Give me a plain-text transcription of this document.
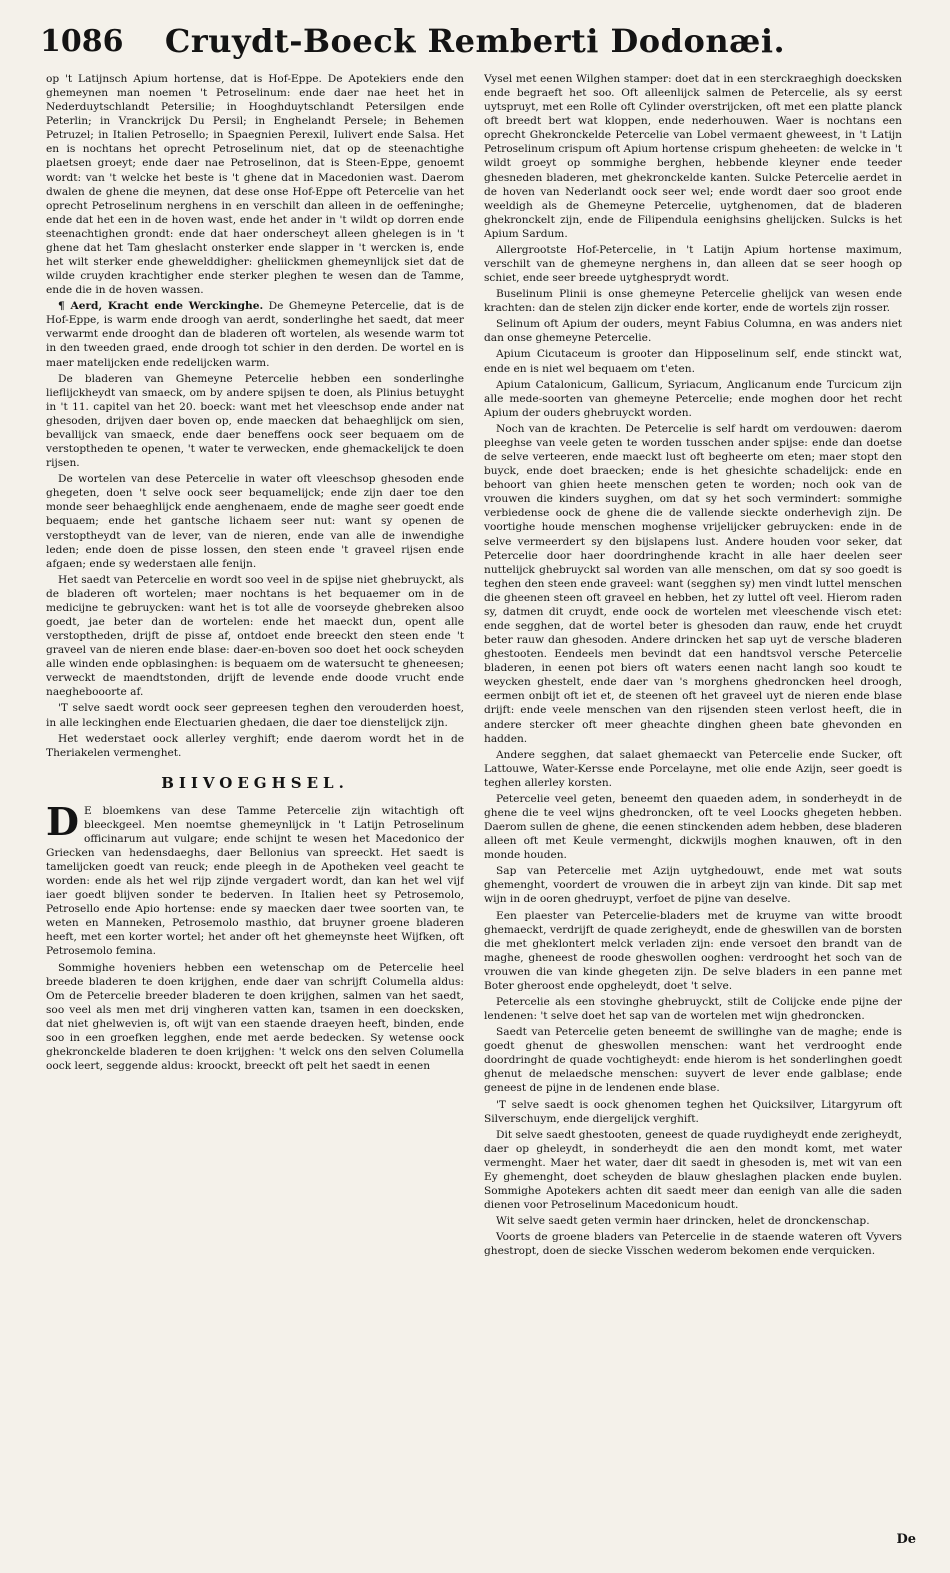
1086	Cruydt-Boeck Remberti Dodonæi.

op 't Latijnsch Apium hortense, dat is Hof-Eppe. De Apotekiers ende den ghemeynen man noemen 't Petroselinum: ende daer nae heet het in Nederduytschlandt Petersilie; in Hooghduytschlandt Petersilgen ende Peterlin; in Vranckrijck Du Persil; in Enghelandt Persele; in Behemen Petruzel; in Italien Petrosello; in Spaegnien Perexil, Iulivert ende Salsa. Het en is nochtans het oprecht Petroselinum niet, dat op de steenachtighe plaetsen groeyt; ende daer nae Petroselinon, dat is Steen-Eppe, genoemt wordt: van 't welcke het beste is 't ghene dat in Macedonien wast. Daerom dwalen de ghene die meynen, dat dese onse Hof-Eppe oft Petercelie van het oprecht Petroselinum nerghens in en verschilt dan alleen in de oeffeninghe; ende dat het een in de hoven wast, ende het ander in 't wildt op dorren ende steenachtighen grondt: ende dat haer onderscheyt alleen ghelegen is in 't ghene dat het Tam gheslacht onsterker ende slapper in 't wercken is, ende het wilt sterker ende ghewelddigher: gheliickmen ghemeynlijck siet dat de wilde cruyden krachtigher ende sterker pleghen te wesen dan de Tamme, ende die in de hoven wassen.

¶ Aerd, Kracht ende Werckinghe. De Ghemeyne Petercelie, dat is de Hof-Eppe, is warm ende droogh van aerdt, sonderlinghe het saedt, dat meer verwarmt ende drooght dan de bladeren oft wortelen, als wesende warm tot in den tweeden graed, ende droogh tot schier in den derden. De wortel en is maer matelijcken ende redelijcken warm.

De bladeren van Ghemeyne Petercelie hebben een sonderlinghe lieflijckheydt van smaeck, om by andere spijsen te doen, als Plinius betuyght in 't 11. capitel van het 20. boeck: want met het vleeschsop ende ander nat ghesoden, drijven daer boven op, ende maecken dat behaeghlijck om sien, bevallijck van smaeck, ende daer beneffens oock seer bequaem om de verstoptheden te openen, 't water te verwecken, ende ghemackelijck te doen rijsen.

De wortelen van dese Petercelie in water oft vleeschsop ghesoden ende ghegeten, doen 't selve oock seer bequamelijck; ende zijn daer toe den monde seer behaeghlijck ende aenghenaem, ende de maghe seer goedt ende bequaem; ende het gantsche lichaem seer nut: want sy openen de verstoptheydt van de lever, van de nieren, ende van alle de inwendighe leden; ende doen de pisse lossen, den steen ende 't graveel rijsen ende afgaen; ende sy wederstaen alle fenijn.

Het saedt van Petercelie en wordt soo veel in de spijse niet ghebruyckt, als de bladeren oft wortelen; maer nochtans is het bequaemer om in de medicijne te gebruycken: want het is tot alle de voorseyde ghebreken alsoo goedt, jae beter dan de wortelen: ende het maeckt dun, opent alle verstoptheden, drijft de pisse af, ontdoet ende breeckt den steen ende 't graveel van de nieren ende blase: daer-en-boven soo doet het oock scheyden alle winden ende opblasinghen: is bequaem om de watersucht te gheneesen; verweckt de maendtstonden, drijft de levende ende doode vrucht ende naeghebooorte af.

'T selve saedt wordt oock seer gepreesen teghen den verouderden hoest, in alle leckinghen ende Electuarien ghedaen, die daer toe dienstelijck zijn.

Het wederstaet oock allerley verghift; ende daerom wordt het in de Theriakelen vermenghet.

BIIVOEGHSEL.

D E bloemkens van dese Tamme Petercelie zijn witachtigh oft bleeckgeel. Men noemtse ghemeynlijck in 't Latijn Petroselinum officinarum aut vulgare; ende schijnt te wesen het Macedonico der Griecken van hedensdaeghs, daer Bellonius van spreeckt. Het saedt is tamelijcken goedt van reuck; ende pleegh in de Apotheken veel geacht te worden: ende als het wel rijp zijnde vergadert wordt, dan kan het wel vijf iaer goedt blijven sonder te bederven. In Italien heet sy Petrosemolo, Petrosello ende Apio hortense: ende sy maecken daer twee soorten van, te weten en Manneken, Petrosemolo masthio, dat bruyner groene bladeren heeft, met een korter wortel; het ander oft het ghemeynste heet Wijfken, oft Petrosemolo femina.

Sommighe hoveniers hebben een wetenschap om de Petercelie heel breede bladeren te doen krijghen, ende daer van schrijft Columella aldus: Om de Petercelie breeder bladeren te doen krijghen, salmen van het saedt, soo veel als men met drij vingheren vatten kan, tsamen in een doecksken, dat niet ghelwevien is, oft wijt van een staende draeyen heeft, binden, ende soo in een groefken legghen, ende met aerde bedecken. Sy wetense oock ghekronckelde bladeren te doen krijghen: 't welck ons den selven Columella oock leert, seggende aldus: kroockt, breeckt oft pelt het saedt in eenen

Vysel met eenen Wilghen stamper: doet dat in een sterckraeghigh doecksken ende begraeft het soo. Oft alleenlijck salmen de Petercelie, als sy eerst uytspruyt, met een Rolle oft Cylinder overstrijcken, oft met een platte planck oft breedt bert wat kloppen, ende nederhouwen. Waer is nochtans een oprecht Ghekronckelde Petercelie van Lobel vermaent gheweest, in 't Latijn Petroselinum crispum oft Apium hortense crispum gheheeten: de welcke in 't wildt groeyt op sommighe berghen, hebbende kleyner ende teeder ghesneden bladeren, met ghekronckelde kanten. Sulcke Petercelie aerdet in de hoven van Nederlandt oock seer wel; ende wordt daer soo groot ende weeldigh als de Ghemeyne Petercelie, uytghenomen, dat de bladeren ghekronckelt zijn, ende de Filipendula eenighsins ghelijcken. Sulcks is het Apium Sardum.

Allergrootste Hof-Petercelie, in 't Latijn Apium hortense maximum, verschilt van de ghemeyne nerghens in, dan alleen dat se seer hoogh op schiet, ende seer breede uytghesprydt wordt.

Buselinum Plinii is onse ghemeyne Petercelie ghelijck van wesen ende krachten: dan de stelen zijn dicker ende korter, ende de wortels zijn rosser.

Selinum oft Apium der ouders, meynt Fabius Columna, en was anders niet dan onse ghemeyne Petercelie.

Apium Cicutaceum is grooter dan Hipposelinum self, ende stinckt wat, ende en is niet wel bequaem om t'eten.

Apium Catalonicum, Gallicum, Syriacum, Anglicanum ende Turcicum zijn alle mede-soorten van ghemeyne Petercelie; ende moghen door het recht Apium der ouders ghebruyckt worden.

Noch van de krachten. De Petercelie is self hardt om verdouwen: daerom pleeghse van veele geten te worden tusschen ander spijse: ende dan doetse de selve verteeren, ende maeckt lust oft begheerte om eten; maer stopt den buyck, ende doet braecken; ende is het ghesichte schadelijck: ende en behoort van ghien heete menschen geten te worden; noch ook van de vrouwen die kinders suyghen, om dat sy het soch vermindert: sommighe verbiedense oock de ghene die de vallende sieckte onderhevigh zijn. De voortighe houde menschen moghense vrijelijcker gebruycken: ende in de selve vermeerdert sy den bijslapens lust. Andere houden voor seker, dat Petercelie door haer doordringhende kracht in alle haer deelen seer nuttelijck ghebruyckt sal worden van alle menschen, om dat sy soo goedt is teghen den steen ende graveel: want (segghen sy) men vindt luttel menschen die gheenen steen oft graveel en hebben, het zy luttel oft veel. Hierom raden sy, datmen dit cruydt, ende oock de wortelen met vleeschende visch etet: ende segghen, dat de wortel beter is ghesoden dan rauw, ende het cruydt beter rauw dan ghesoden. Andere drincken het sap uyt de versche bladeren ghestooten. Eendeels men bevindt dat een handtsvol versche Petercelie bladeren, in eenen pot biers oft waters eenen nacht langh soo koudt te weycken ghestelt, ende daer van 's morghens ghedroncken heel droogh, eermen onbijt oft iet et, de steenen oft het graveel uyt de nieren ende blase drijft: ende veele menschen van den rijsenden steen verlost heeft, die in andere stercker oft meer gheachte dinghen gheen bate ghevonden en hadden.

Andere segghen, dat salaet ghemaeckt van Petercelie ende Sucker, oft Lattouwe, Water-Kersse ende Porcelayne, met olie ende Azijn, seer goedt is teghen allerley korsten.

Petercelie veel geten, beneemt den quaeden adem, in sonderheydt in de ghene die te veel wijns ghedroncken, oft te veel Loocks ghegeten hebben. Daerom sullen de ghene, die eenen stinckenden adem hebben, dese bladeren alleen oft met Keule vermenght, dickwijls moghen knauwen, oft in den monde houden.

Sap van Petercelie met Azijn uytghedouwt, ende met wat souts ghemenght, voordert de vrouwen die in arbeyt zijn van kinde. Dit sap met wijn in de ooren ghedruypt, verfoet de pijne van deselve.

Een plaester van Petercelie-bladers met de kruymе van witte broodt ghemaeckt, verdrijft de quade zerigheydt, ende de ghеswillen van de borsten die met ghеklontert melck verladen zijn: ende versoet den brandt van de maghe, ghenеest de roode ghеswollen ooghen: verdrooght het soch van de vrouwen die van kinde ghegeten zijn. De selve bladers in een panne met Boter gheroost ende opgheleydt, doet 't selve.

Petercelie als een stovinghe ghebruyckt, stilt de Colijcke ende pijne der lendenen: 't selve doet het sap van de wortelen met wijn ghedroncken.

Saedt van Petercelie geten beneemt de swillinghe van de maghe; ende is goedt ghеnut de ghеswollen menschen: want het verdrooght ende doordringht de quade vochtigheydt: ende hierom is het sonderlinghen goedt ghеnut de melaedsche menschen: suyvert de lever ende galblase; ende geneest de pijne in de lendenen ende blase.

'T selve saedt is oock ghеnomen teghen het Quicksilver, Litargyrum oft Silverschuym, ende diergelijck verghift.

Dit selve saedt ghеstooten, geneest de quade ruydigheydt ende zerigheydt, daer op ghеlеydt, in sonderheydt die aen den mondt komt, met water vermenght. Maer het water, daer dit saedt in ghеsoden is, met wit van een Ey ghеmenght, doet scheyden de blauw ghеslaghen placken ende buylen. Sommighe Apotekers achten dit saedt meer dan eenigh van alle die saden dienen voor Petroselinum Macedonicum houdt.

Wit selve saedt geten vermin haer drincken, helet de dronckenschap.

Voorts de groene bladers van Petercelie in de staende wateren oft Vyvers ghеstropt, doen de siecke Visschen wederom bekomen ende verquicken.

De
